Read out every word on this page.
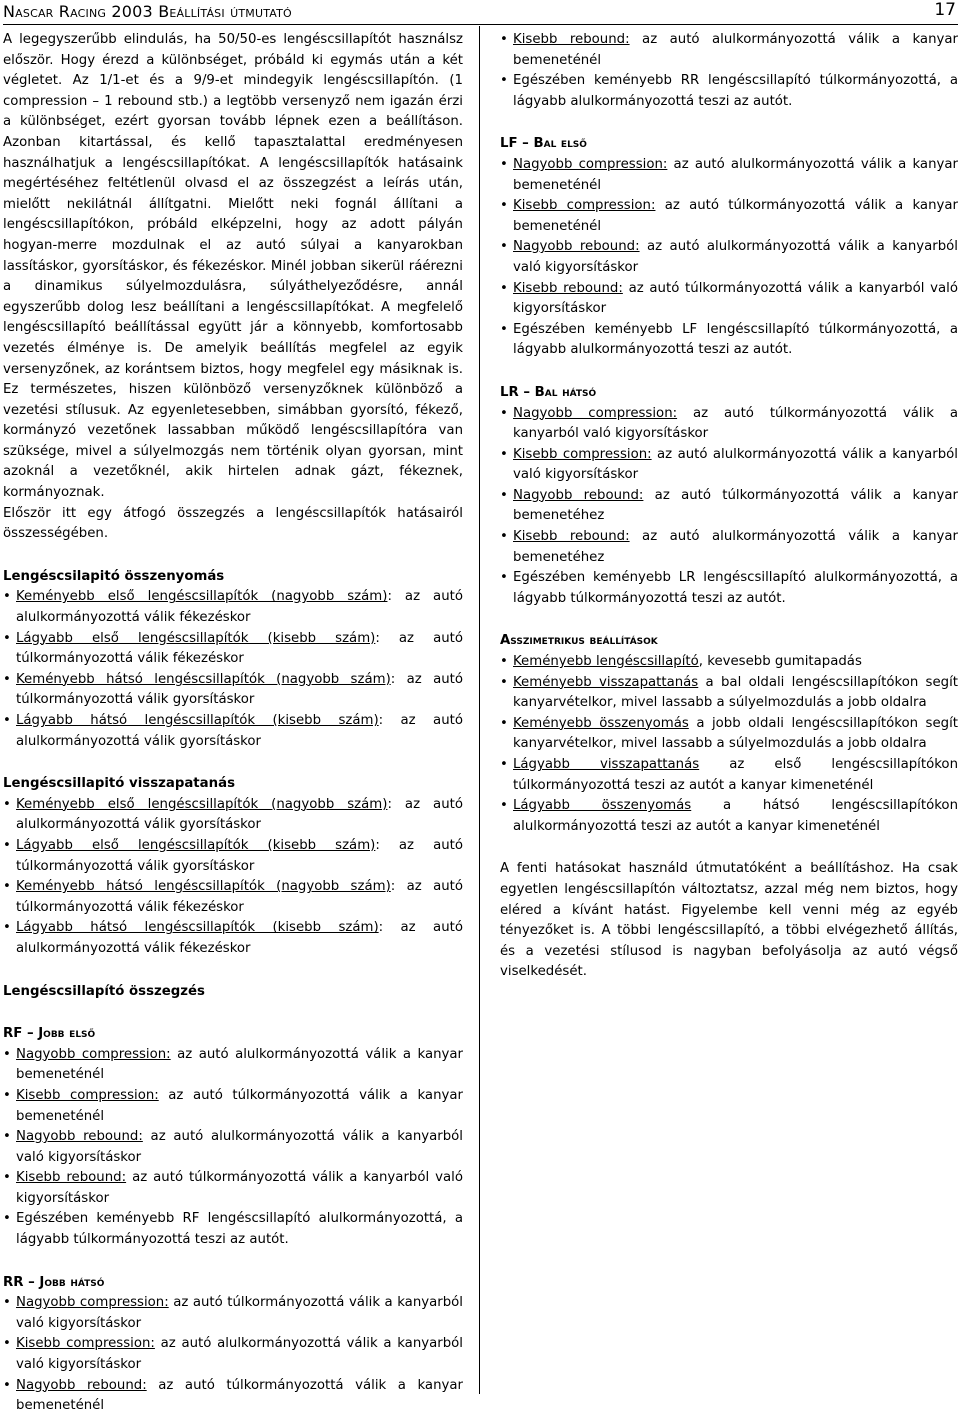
Nascar Racing 2003 Beállítási útmutató	17

A legegyszerűbb elindulás, ha 50/50-es lengéscsillapítót használsz először. Hogy érezd a különbséget, próbáld ki egymás után a két végletet. Az 1/1-et és a 9/9-et mindegyik lengéscsillapítón. (1 compression – 1 rebound stb.) a legtöbb versenyző nem igazán érzi a különbséget, ezért gyorsan tovább lépnek ezen a beállításon. Azonban kitartással, és kellő tapasztalattal eredményesen használhatjuk a lengéscsillapítókat. A lengéscsillapítók hatásaink megértéséhez feltétlenül olvasd el az összegzést a leírás után, mielőtt nekilátnál állítgatni. Mielőtt neki fognál állítani a lengéscsillapítókon, próbáld elképzelni, hogy az adott pályán hogyan-merre mozdulnak el az autó súlyai a kanyarokban lassításkor, gyorsításkor, és fékezéskor. Minél jobban sikerül ráérezni a dinamikus súlyelmozdulásra, súlyáthelyeződésre, annál egyszerűbb dolog lesz beállítani a lengéscsillapítókat. A megfelelő lengéscsillapító beállítással együtt jár a könnyebb, komfortosabb vezetés élménye is. De amelyik beállítás megfelel az egyik versenyzőnek, az korántsem biztos, hogy megfelel egy másiknak is. Ez természetes, hiszen különböző versenyzőknek különböző a vezetési stílusuk. Az egyenletesebben, simábban gyorsító, fékező, kormányzó vezetőnek lassabban működő lengéscsillapítóra van szüksége, mivel a súlyelmozgás nem történik olyan gyorsan, mint azoknál a vezetőknél, akik hirtelen adnak gázt, fékeznek, kormányoznak.

Először itt egy átfogó összegzés a lengéscsillapítók hatásairól összességében.

Lengéscsilapitó összenyomás
• Keményebb első lengéscsillapítók (nagyobb szám): az autó alulkormányozottá válik fékezéskor
• Lágyabb első lengéscsillapítók (kisebb szám): az autó túlkormányozottá válik fékezéskor
• Keményebb hátsó lengéscsillapítók (nagyobb szám): az autó túlkormányozottá válik gyorsításkor
• Lágyabb hátsó lengéscsillapítók (kisebb szám): az autó alulkormányozottá válik gyorsításkor
Lengéscsillapitó visszapatanás
• Keményebb első lengéscsillapítók (nagyobb szám): az autó alulkormányozottá válik gyorsításkor
• Lágyabb első lengéscsillapítók (kisebb szám): az autó túlkormányozottá válik gyorsításkor
• Keményebb hátsó lengéscsillapítók (nagyobb szám): az autó túlkormányozottá válik fékezéskor
• Lágyabb hátsó lengéscsillapítók (kisebb szám): az autó alulkormányozottá válik fékezéskor
Lengéscsillapító összegzés
RF – Jobb első
• Nagyobb compression: az autó alulkormányozottá válik a kanyar bemeneténél
• Kisebb compression: az autó túlkormányozottá válik a kanyar bemeneténél
• Nagyobb rebound: az autó alulkormányozottá válik a kanyarból való kigyorsításkor
• Kisebb rebound: az autó túlkormányozottá válik a kanyarból való kigyorsításkor
• Egészében keményebb RF lengéscsillapító alulkormányozottá, a lágyabb túlkormányozottá teszi az autót.
RR – Jobb hátsó
• Nagyobb compression: az autó túlkormányozottá válik a kanyarból való kigyorsításkor
• Kisebb compression: az autó alulkormányozottá válik a kanyarból való kigyorsításkor
• Nagyobb rebound: az autó túlkormányozottá válik a kanyar bemeneténél
• Kisebb rebound: az autó alulkormányozottá válik a kanyar bemeneténél
• Egészében keményebb RR lengéscsillapító túlkormányozottá, a lágyabb alulkormányozottá teszi az autót.
LF – Bal első
• Nagyobb compression: az autó alulkormányozottá válik a kanyar bemeneténél
• Kisebb compression: az autó túlkormányozottá válik a kanyar bemeneténél
• Nagyobb rebound: az autó alulkormányozottá válik a kanyarból való kigyorsításkor
• Kisebb rebound: az autó túlkormányozottá válik a kanyarból való kigyorsításkor
• Egészében keményebb LF lengéscsillapító túlkormányozottá, a lágyabb alulkormányozottá teszi az autót.
LR – Bal hátsó
• Nagyobb compression: az autó túlkormányozottá válik a kanyarból való kigyorsításkor
• Kisebb compression: az autó alulkormányozottá válik a kanyarból való kigyorsításkor
• Nagyobb rebound: az autó túlkormányozottá válik a kanyar bemenetéhez
• Kisebb rebound: az autó alulkormányozottá válik a kanyar bemenetéhez
• Egészében keményebb LR lengéscsillapító alulkormányozottá, a lágyabb túlkormányozottá teszi az autót.
Asszimetrikus beállítások
• Keményebb lengéscsillapító, kevesebb gumitapadás
• Keményebb visszapattanás a bal oldali lengéscsillapítókon segít kanyarvételkor, mivel lassabb a súlyelmozdulás a jobb oldalra
• Keményebb összenyomás a jobb oldali lengéscsillapítókon segít kanyarvételkor, mivel lassabb a súlyelmozdulás a jobb oldalra
• Lágyabb visszapattanás az első lengéscsillapítókon túlkormányozottá teszi az autót a kanyar kimeneténél
• Lágyabb összenyomás a hátsó lengéscsillapítókon alulkormányozottá teszi az autót a kanyar kimeneténél

A fenti hatásokat használd útmutatóként a beállításhoz. Ha csak egyetlen lengéscsillapítón változtatsz, azzal még nem biztos, hogy eléred a kívánt hatást. Figyelembe kell venni még az egyéb tényezőket is. A többi lengéscsillapító, a többi elvégezhető állítás, és a vezetési stílusod is nagyban befolyásolja az autó végső viselkedését.
